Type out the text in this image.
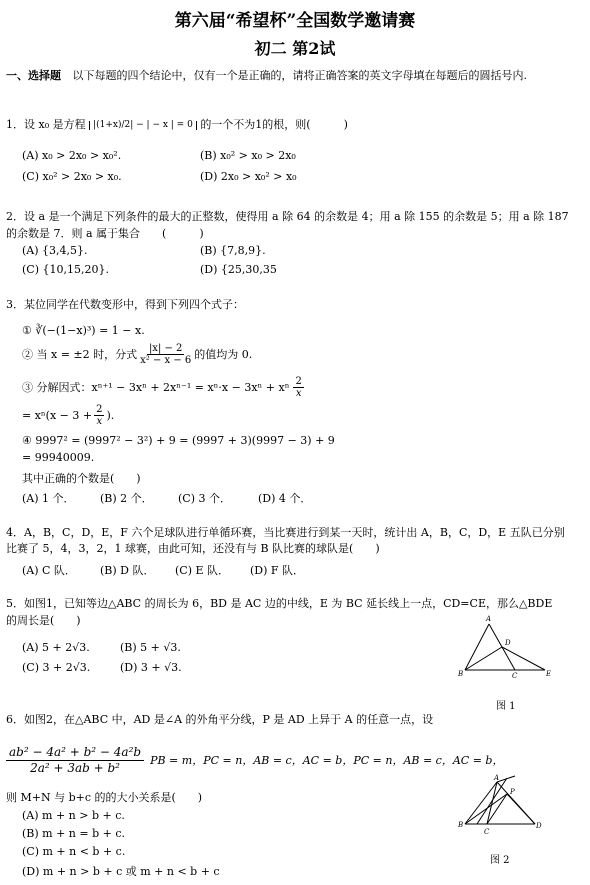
第六届“希望杯”全国数学邀请赛
初二 第2试
一、选择题 以下每题的四个结论中，仅有一个是正确的，请将正确答案的英文字母填在每题后的圆括号内.
1．设 x₀ 是方程 |(1+x)/2| − | − x | = 0 的一个不为1的根，则(　　　)
(A) x₀ > 2x₀ > x₀².	(B) x₀² > x₀ > 2x₀
(C) x₀² > 2x₀ > x₀.	(D) 2x₀ > x₀² > x₀
2．设 a 是一个满足下列条件的最大的正整数，使得用 a 除 64 的余数是 4；用 a 除 155 的余数是 5；用 a 除 187
的余数是 7．则 a 属于集合　　(　　　)
(A) {3,4,5}.	(B) {7,8,9}.
(C) {10,15,20}.	(D) {25,30,35
3．某位同学在代数变形中，得到下列四个式子：
① ∛(−(1−x)³) = 1 − x.
② 当 x = ±2 时，分式 $\frac{|x| - 2}{\text{x² − x − 6}}$ 的值均为 0.
③ 分解因式：xⁿ⁺¹ − 3xⁿ + 2xⁿ⁻¹ = xⁿ·x − 3xⁿ + xⁿ $\frac{2}{x}$
= $x^n(x - 3 + \frac{2}{x}$ ).
④ 9997² = (9997² − 3²) + 9 = (9997 + 3)(9997 − 3) + 9
= 99940009.
其中正确的个数是(　　)
(A) 1 个． (B) 2 个． (C) 3 个． (D) 4 个．
4．A，B，C，D，E，F 六个足球队进行单循环赛，当比赛进行到某一天时，统计出 A，B，C，D，E 五队已分别
比赛了 5，4，3，2，1 球赛，由此可知，还没有与 B 队比赛的球队是(　　)
(A) C 队． (B) D 队． (C) E 队． (D) F 队．
5．如图1，已知等边△ABC 的周长为 6，BD 是 AC 边的中线，E 为 BC 延长线上一点，CD=CE，那么△BDE
的周长是(　　)
(A) 5 + 2√3.	(B) 5 + √3.
(C) 3 + 2√3.	(D) 3 + √3.
A
B	C
D
E
图 1
6．如图2，在△ABC 中，AD 是∠A 的外角平分线，P 是 AD 上异于 A 的任意一点，设
$\frac{\text{ab² − 4a² + b² − 4a²b}}{\text{2a² + 3ab + b²}}$ PB = m，PC = n，AB = c，AC = b，PC = n，AB = c，AC = b，
则 M+N 与 b+c 的的大小关系是(　　)
(A) m + n > b + c.
(B) m + n = b + c.
(C) m + n < b + c.
(D) m + n > b + c 或 m + n < b + c
A
B
C
D
P
图 2
